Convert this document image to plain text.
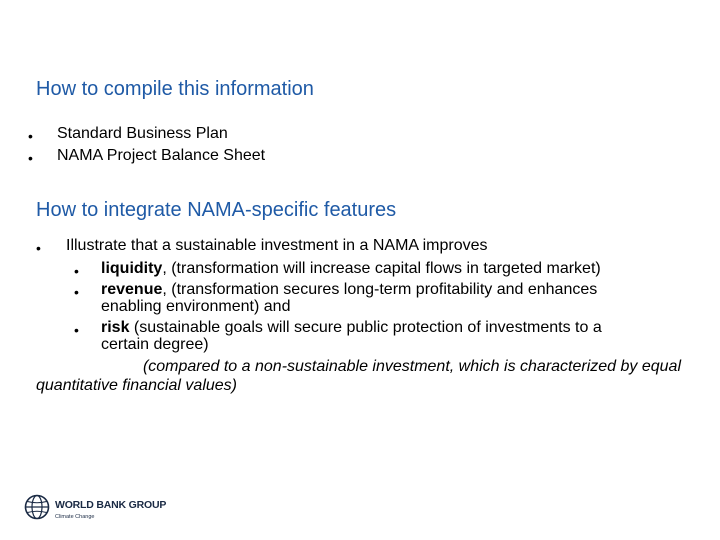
How to compile this information
• Standard Business Plan
• NAMA Project Balance Sheet
How to integrate NAMA-specific features
• Illustrate that a sustainable investment in a NAMA improves
• liquidity, (transformation will increase capital flows in targeted market)
• revenue, (transformation secures long-term profitability and enhances
enabling environment) and
• risk (sustainable goals will secure public protection of investments to a
certain degree)
(compared to a non-sustainable investment, which is characterized by equal
quantitative financial values)
WORLD BANK GROUP
Climate Change
